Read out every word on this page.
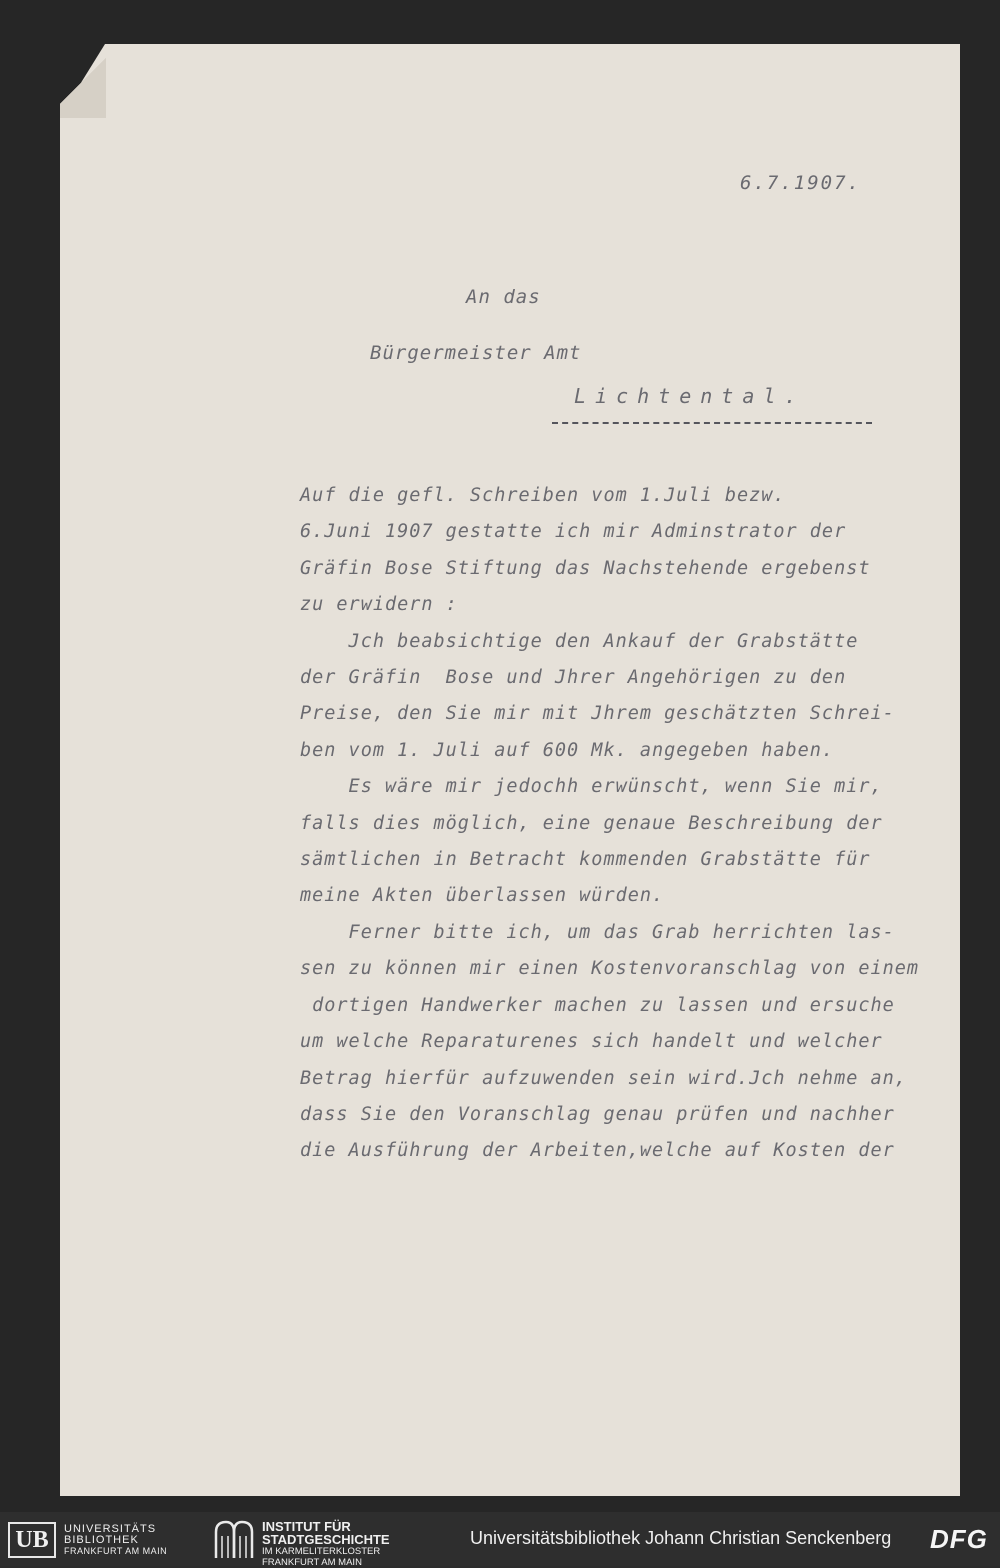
6.7.1907.
An das
Bürgermeister Amt
Lichtental.
Auf die gefl. Schreiben vom 1.Juli bezw.
6.Juni 1907 gestatte ich mir Adminstrator der
Gräfin Bose Stiftung das Nachstehende ergebenst
zu erwidern :
Jch beabsichtige den Ankauf der Grabstätte
der Gräfin  Bose und Jhrer Angehörigen zu den
Preise, den Sie mir mit Jhrem geschätzten Schrei-
ben vom 1. Juli auf 600 Mk. angegeben haben.
Es wäre mir jedochh erwünscht, wenn Sie mir,
falls dies möglich, eine genaue Beschreibung der
sämtlichen in Betracht kommenden Grabstätte für
meine Akten überlassen würden.
Ferner bitte ich, um das Grab herrichten las-
sen zu können mir einen Kostenvoranschlag von einem
dortigen Handwerker machen zu lassen und ersuche
um welche Reparaturenes sich handelt und welcher
Betrag hierfür aufzuwenden sein wird.Jch nehme an,
dass Sie den Voranschlag genau prüfen und nachher
die Ausführung der Arbeiten,welche auf Kosten der
UB	UNIVERSITÄTS
BIBLIOTHEK
FRANKFURT AM MAIN
INSTITUT FÜR
STADTGESCHICHTE
IM KARMELITERKLOSTER
FRANKFURT AM MAIN
Universitätsbibliothek Johann Christian Senckenberg DFG
